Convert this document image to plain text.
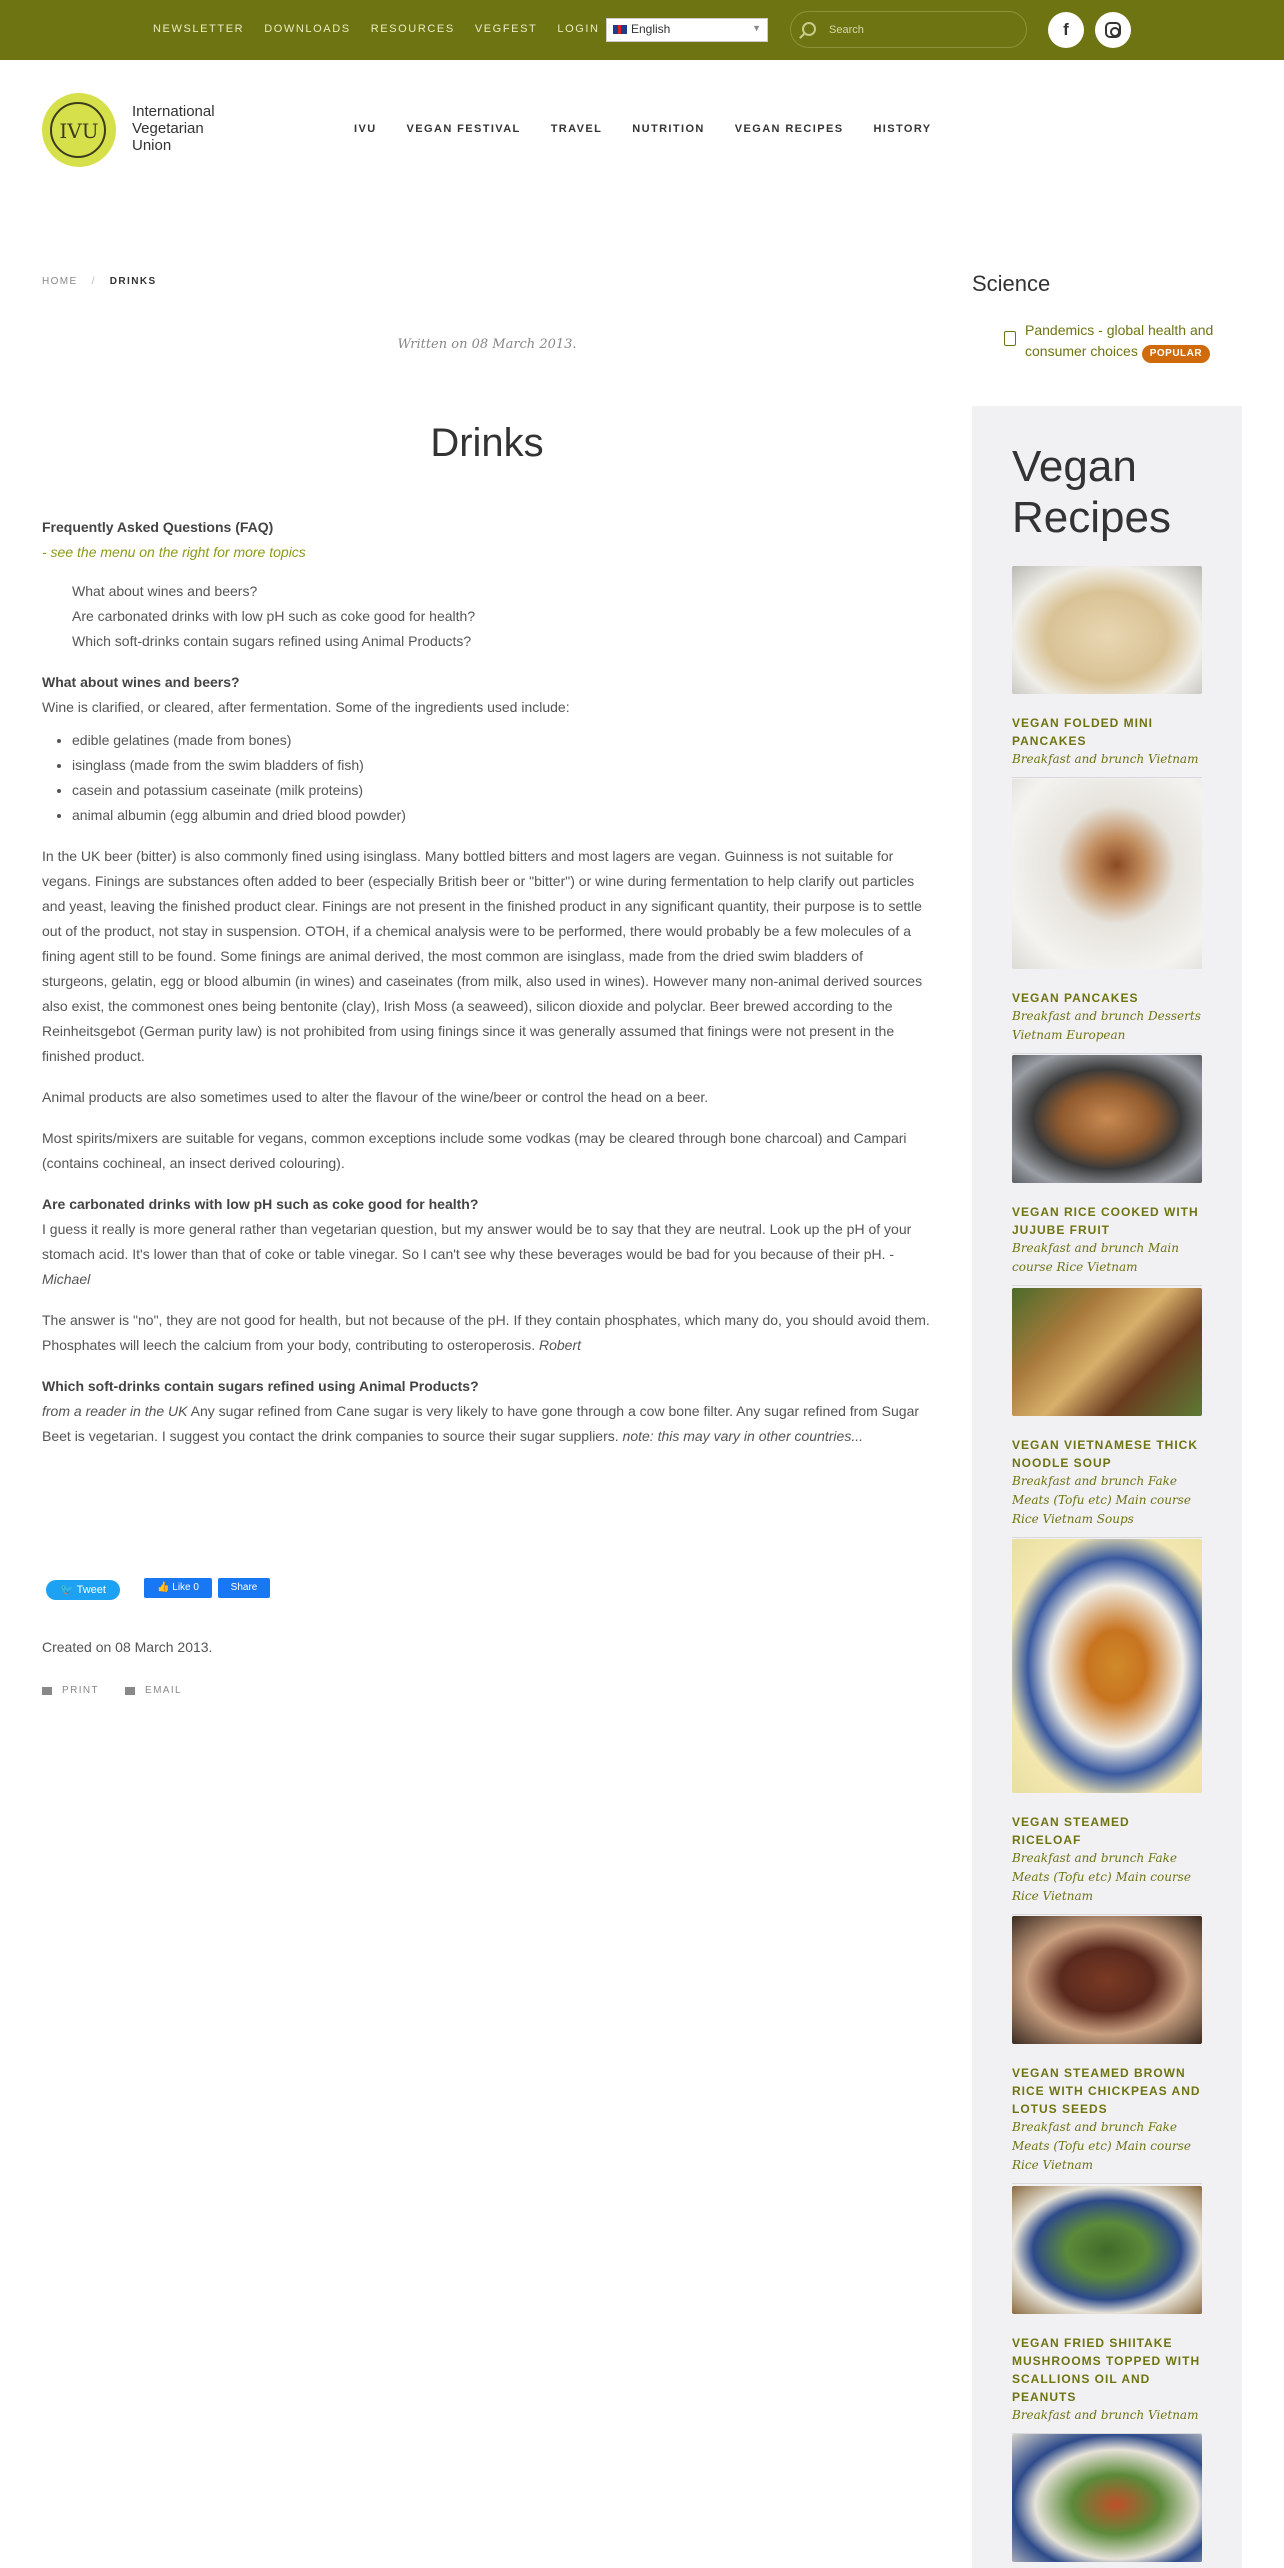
NEWSLETTER DOWNLOADS RESOURCES VEGFEST LOGIN	English	▼
Search	f
IVU
International
Vegetarian
Union
IVU	VEGAN FESTIVAL	TRAVEL	NUTRITION	VEGAN RECIPES	HISTORY
HOME / DRINKS
Written on 08 March 2013.
Drinks
Frequently Asked Questions (FAQ)
- see the menu on the right for more topics
What about wines and beers?
Are carbonated drinks with low pH such as coke good for health?
Which soft-drinks contain sugars refined using Animal Products?
What about wines and beers?
Wine is clarified, or cleared, after fermentation. Some of the ingredients used include:
• edible gelatines (made from bones)
• isinglass (made from the swim bladders of fish)
• casein and potassium caseinate (milk proteins)
• animal albumin (egg albumin and dried blood powder)

In the UK beer (bitter) is also commonly fined using isinglass. Many bottled bitters and most lagers are vegan. Guinness is not suitable for vegans. Finings are substances often added to beer (especially British beer or "bitter") or wine during fermentation to help clarify out particles and yeast, leaving the finished product clear. Finings are not present in the finished product in any significant quantity, their purpose is to settle out of the product, not stay in suspension. OTOH, if a chemical analysis were to be performed, there would probably be a few molecules of a fining agent still to be found. Some finings are animal derived, the most common are isinglass, made from the dried swim bladders of sturgeons, gelatin, egg or blood albumin (in wines) and caseinates (from milk, also used in wines). However many non-animal derived sources also exist, the commonest ones being bentonite (clay), Irish Moss (a seaweed), silicon dioxide and polyclar. Beer brewed according to the Reinheitsgebot (German purity law) is not prohibited from using finings since it was generally assumed that finings were not present in the finished product.

Animal products are also sometimes used to alter the flavour of the wine/beer or control the head on a beer.

Most spirits/mixers are suitable for vegans, common exceptions include some vodkas (may be cleared through bone charcoal) and Campari (contains cochineal, an insect derived colouring).

Are carbonated drinks with low pH such as coke good for health?

I guess it really is more general rather than vegetarian question, but my answer would be to say that they are neutral. Look up the pH of your stomach acid. It's lower than that of coke or table vinegar. So I can't see why these beverages would be bad for you because of their pH. - Michael

The answer is "no", they are not good for health, but not because of the pH. If they contain phosphates, which many do, you should avoid them. Phosphates will leech the calcium from your body, contributing to osteroperosis. Robert

Which soft-drinks contain sugars refined using Animal Products?

from a reader in the UK Any sugar refined from Cane sugar is very likely to have gone through a cow bone filter. Any sugar refined from Sugar Beet is vegetarian. I suggest you contact the drink companies to source their sugar suppliers. note: this may vary in other countries...

🐦 Tweet	👍 Like 0	Share
Created on 08 March 2013.
PRINT	EMAIL
Science
Pandemics - global health and consumer choices POPULAR
Vegan Recipes
VEGAN FOLDED MINI PANCAKES
Breakfast and brunch Vietnam
VEGAN PANCAKES
Breakfast and brunch Desserts Vietnam European
VEGAN RICE COOKED WITH JUJUBE FRUIT
Breakfast and brunch Main course Rice Vietnam
VEGAN VIETNAMESE THICK NOODLE SOUP
Breakfast and brunch Fake Meats (Tofu etc) Main course Rice Vietnam Soups
VEGAN STEAMED RICELOAF
Breakfast and brunch Fake Meats (Tofu etc) Main course Rice Vietnam
VEGAN STEAMED BROWN RICE WITH CHICKPEAS AND LOTUS SEEDS
Breakfast and brunch Fake Meats (Tofu etc) Main course Rice Vietnam
VEGAN FRIED SHIITAKE MUSHROOMS TOPPED WITH SCALLIONS OIL AND PEANUTS
Breakfast and brunch Vietnam
